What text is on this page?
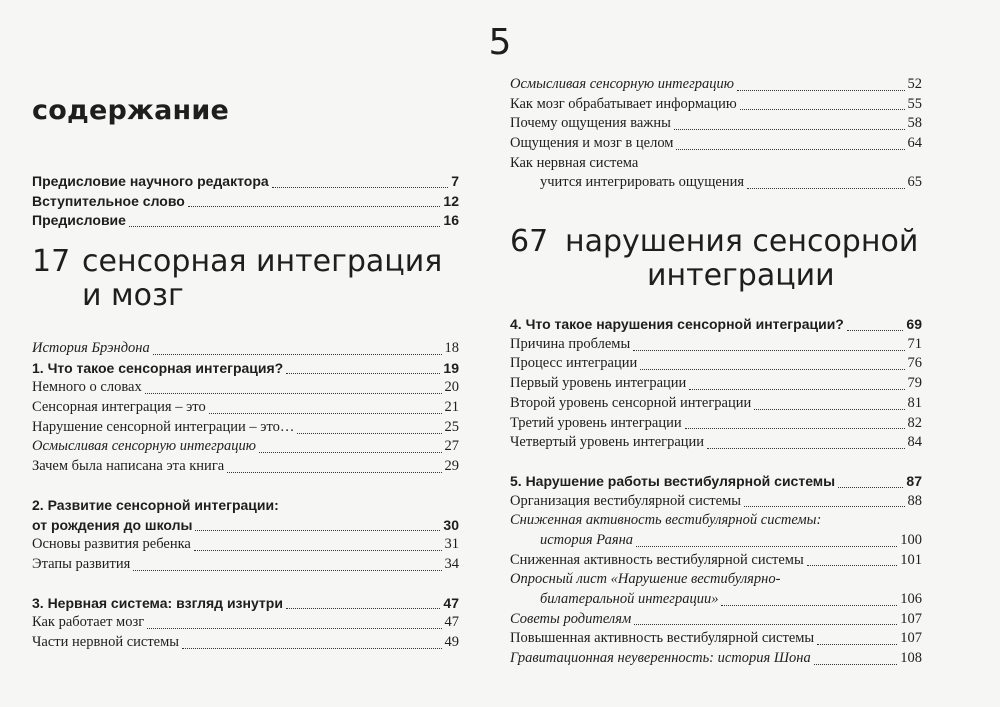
5
содержание
Предисловие научного редактора	7
Вступительное слово	12
Предисловие	16
17 сенсорная интеграция
и мозг
История Брэндона	18
1. Что такое сенсорная интеграция?	19
Немного о словах	20
Сенсорная интеграция – это	21
Нарушение сенсорной интеграции – это…	25
Осмысливая сенсорную интеграцию	27
Зачем была написана эта книга	29
2. Развитие сенсорной интеграции:
от рождения до школы	30
Основы развития ребенка	31
Этапы развития	34
3. Нервная система: взгляд изнутри	47
Как работает мозг	47
Части нервной системы	49
Осмысливая сенсорную интеграцию	52
Как мозг обрабатывает информацию	55
Почему ощущения важны	58
Ощущения и мозг в целом	64
Как нервная система
учится интегрировать ощущения	65
67 нарушения сенсорной
интеграции
4. Что такое нарушения сенсорной интеграции?	69
Причина проблемы	71
Процесс интеграции	76
Первый уровень интеграции	79
Второй уровень сенсорной интеграции	81
Третий уровень интеграции	82
Четвертый уровень интеграции	84
5. Нарушение работы вестибулярной системы	87
Организация вестибулярной системы	88
Сниженная активность вестибулярной системы:
история Раяна	100
Сниженная активность вестибулярной системы	101
Опросный лист «Нарушение вестибулярно-
билатеральной интеграции»	106
Советы родителям	107
Повышенная активность вестибулярной системы	107
Гравитационная неуверенность: история Шона	108
